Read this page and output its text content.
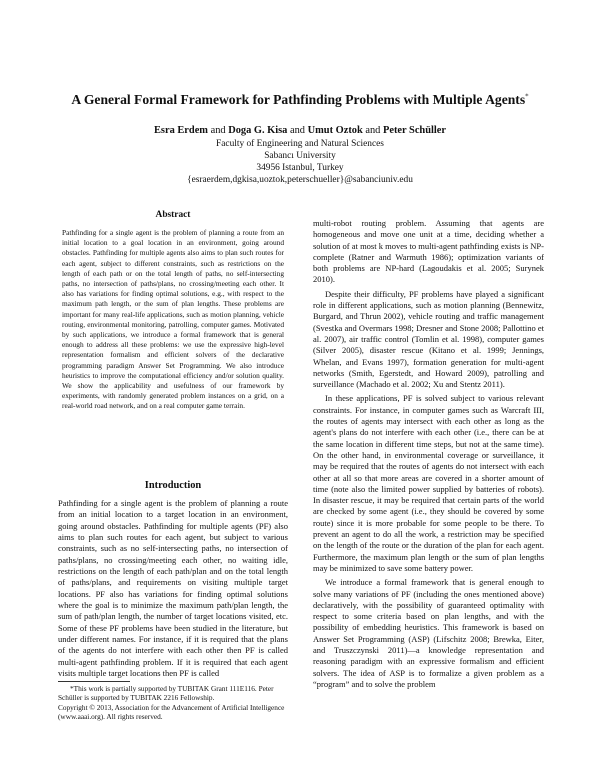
A General Formal Framework for Pathfinding Problems with Multiple Agents*
Esra Erdem and Doga G. Kisa and Umut Oztok and Peter Schüller
Faculty of Engineering and Natural Sciences
Sabancı University
34956 Istanbul, Turkey
{esraerdem,dgkisa,uoztok,peterschueller}@sabanciuniv.edu
Abstract
Pathfinding for a single agent is the problem of planning a route from an initial location to a goal location in an environment, going around obstacles. Pathfinding for multiple agents also aims to plan such routes for each agent, subject to different constraints, such as restrictions on the length of each path or on the total length of paths, no self-intersecting paths, no intersection of paths/plans, no crossing/meeting each other. It also has variations for finding optimal solutions, e.g., with respect to the maximum path length, or the sum of plan lengths. These problems are important for many real-life applications, such as motion planning, vehicle routing, environmental monitoring, patrolling, computer games. Motivated by such applications, we introduce a formal framework that is general enough to address all these problems: we use the expressive high-level representation formalism and efficient solvers of the declarative programming paradigm Answer Set Programming. We also introduce heuristics to improve the computational efficiency and/or solution quality. We show the applicability and usefulness of our framework by experiments, with randomly generated problem instances on a grid, on a real-world road network, and on a real computer game terrain.
Introduction
Pathfinding for a single agent is the problem of planning a route from an initial location to a target location in an environment, going around obstacles. Pathfinding for multiple agents (PF) also aims to plan such routes for each agent, but subject to various constraints, such as no self-intersecting paths, no intersection of paths/plans, no crossing/meeting each other, no waiting idle, restrictions on the length of each path/plan and on the total length of paths/plans, and requirements on visiting multiple target locations. PF also has variations for finding optimal solutions where the goal is to minimize the maximum path/plan length, the sum of path/plan length, the number of target locations visited, etc. Some of these PF problems have been studied in the literature, but under different names. For instance, if it is required that the plans of the agents do not interfere with each other then PF is called multi-agent pathfinding problem. If it is required that each agent visits multiple target locations then PF is called
*This work is partially supported by TUBITAK Grant 111E116. Peter Schüller is supported by TUBITAK 2216 Fellowship.
Copyright © 2013, Association for the Advancement of Artificial Intelligence (www.aaai.org). All rights reserved.

multi-robot routing problem. Assuming that agents are homogeneous and move one unit at a time, deciding whether a solution of at most k moves to multi-agent pathfinding exists is NP-complete (Ratner and Warmuth 1986); optimization variants of both problems are NP-hard (Lagoudakis et al. 2005; Surynek 2010).

Despite their difficulty, PF problems have played a significant role in different applications, such as motion planning (Bennewitz, Burgard, and Thrun 2002), vehicle routing and traffic management (Svestka and Overmars 1998; Dresner and Stone 2008; Pallottino et al. 2007), air traffic control (Tomlin et al. 1998), computer games (Silver 2005), disaster rescue (Kitano et al. 1999; Jennings, Whelan, and Evans 1997), formation generation for multi-agent networks (Smith, Egerstedt, and Howard 2009), patrolling and surveillance (Machado et al. 2002; Xu and Stentz 2011).

In these applications, PF is solved subject to various relevant constraints. For instance, in computer games such as Warcraft III, the routes of agents may intersect with each other as long as the agent's plans do not interfere with each other (i.e., there can be at the same location in different time steps, but not at the same time). On the other hand, in environmental coverage or surveillance, it may be required that the routes of agents do not intersect with each other at all so that more areas are covered in a shorter amount of time (note also the limited power supplied by batteries of robots). In disaster rescue, it may be required that certain parts of the world are checked by some agent (i.e., they should be covered by some route) since it is more probable for some people to be there. To prevent an agent to do all the work, a restriction may be specified on the length of the route or the duration of the plan for each agent. Furthermore, the maximum plan length or the sum of plan lengths may be minimized to save some battery power.

We introduce a formal framework that is general enough to solve many variations of PF (including the ones mentioned above) declaratively, with the possibility of guaranteed optimality with respect to some criteria based on plan lengths, and with the possibility of embedding heuristics. This framework is based on Answer Set Programming (ASP) (Lifschitz 2008; Brewka, Eiter, and Truszczynski 2011)—a knowledge representation and reasoning paradigm with an expressive formalism and efficient solvers. The idea of ASP is to formalize a given problem as a “program” and to solve the problem
